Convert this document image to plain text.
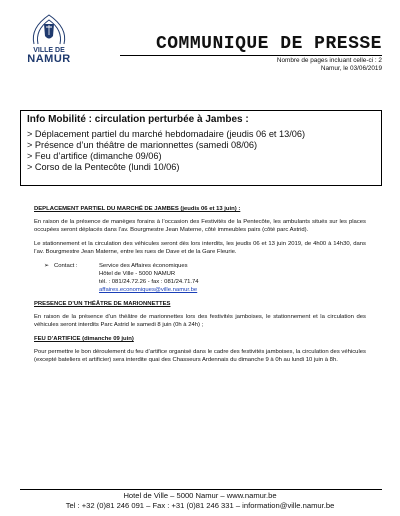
VILLE DE
NAMUR
COMMUNIQUE DE PRESSE
Nombre de pages incluant celle-ci : 2
Namur, le 03/06/2019
Info Mobilité : circulation perturbée à Jambes :
> Déplacement partiel du marché hebdomadaire (jeudis 06 et 13/06)
> Présence d’un théâtre de marionnettes (samedi 08/06)
> Feu d’artifice (dimanche 09/06)
> Corso de la Pentecôte (lundi 10/06)
DEPLACEMENT PARTIEL DU MARCHÉ DE JAMBES (jeudis 06 et 13 juin) :
En raison de la présence de manèges forains à l’occasion des Festivités de la Pentecôte, les ambulants situés sur les places occupées seront déplacés dans l’av. Bourgmestre Jean Materne, côté immeubles pairs (côté parc Astrid).
Le stationnement et la circulation des véhicules seront dès lors interdits, les jeudis 06 et 13 juin 2019, de 4h00 à 14h30, dans l’av. Bourgmestre Jean Materne, entre les rues de Dave et de la Gare Fleurie.
➢ Contact :	Service des Affaires économiques
Hôtel de Ville - 5000 NAMUR
tél. : 081/24.72.26 - fax : 081/24.71.74
affaires.economiques@ville.namur.be
PRESENCE D’UN THÉÂTRE DE MARIONNETTES
En raison de la présence d’un théâtre de marionnettes lors des festivités jamboises, le stationnement et la circulation des véhicules seront interdits Parc Astrid le samedi 8 juin (0h à 24h) ;
FEU D’ARTIFICE (dimanche 09 juin)
Pour permettre le bon déroulement du feu d’artifice organisé dans le cadre des festivités jamboises, la circulation des véhicules (excepté bateliers et artificier) sera interdite quai des Chasseurs Ardennais du dimanche 9 à 0h au lundi 10 juin à 8h.
Hotel de Ville – 5000 Namur – www.namur.be
Tel : +32 (0)81 246 091 – Fax : +31 (0)81 246 331 – information@ville.namur.be
